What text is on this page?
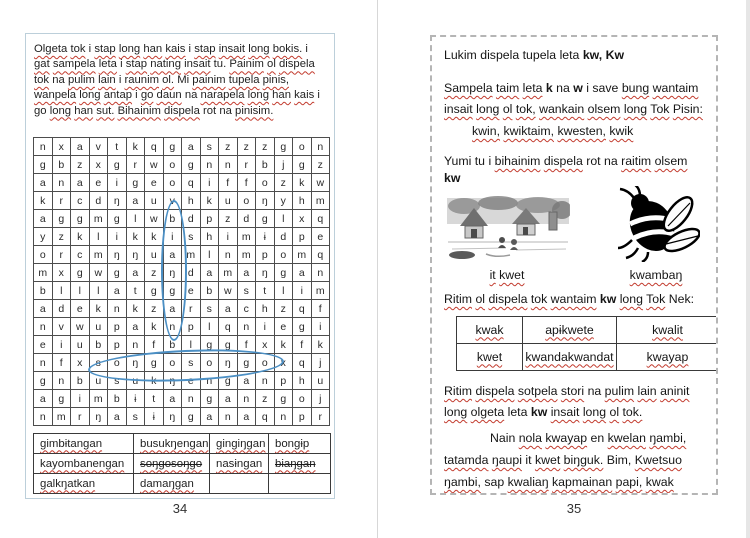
Olgeta tok i stap long han kais i stap insait long bokis. i gat sampela leta i stap nating insait tu. Painim ol dispela tok na pulim lain i raunim ol. Mi painim tupela pinis, wanpela long antap i go daun na narapela long han kais i go long han sut. Bihainim dispela rot na pinisim.

n	x	a	v	t	k	q	g	a	s	z	z	z	g	o	n
g	b	z	x	g	r	w	o	g	n	n	r	b	j	g	z
a	n	a	e	i	g	e	o	q	i	f	f	o	z	k	w
k	r	c	d	ŋ	a	u	v	h	k	u	o	ŋ	y	h	m
a	g	g	m	g	l	w	b	d	p	z	d	g	l	x	q
y	z	k	l	i	k	k	i	s	h	i	m	ɨ	d	p	e
o	r	c	m	ŋ	ŋ	u	a	m	l	n	m	p	o	m	q
m	x	g	w	g	a	z	ŋ	d	a	m	a	ŋ	g	a	n
b	l	l	l	a	t	g	g	e	b	w	s	t	l	i	m
a	d	e	k	n	k	z	a	r	s	a	c	h	z	q	f
n	v	w	u	p	a	k	n	p	l	q	n	i	e	g	i
e	i	u	b	p	n	f	b	l	g	g	f	x	k	f	k
n	f	x	s	o	ŋ	g	o	s	o	ŋ	g	o	x	q	j
g	n	b	u	s	u	k	ŋ	e	n	g	a	n	p	h	u
a	g	i	m	b	ɨ	t	a	n	g	a	n	z	g	o	j
n	m	r	ŋ	a	s	ɨ	ŋ	g	a	n	a	q	n	p	r
gimbɨtangan	busukŋengan	gingiŋgan	bongɨp
kayombanengan	soŋgosoŋgo	nasɨngan	biaŋgan
galkŋatkan	damaŋgan		
34

Lukim dispela tupela leta kw, Kw

Sampela taim leta k na w i save bung wantaim insait long ol tok, wankain olsem long Tok Pisin:

kwin, kwiktaim, kwesten, kwik

Yumi tu i bihainim dispela rot na raitim olsem kw

it kwet	kwambaŋ

Ritim ol dispela tok wantaim kw long Tok Nek:

kwak	apɨkwete	kwalit
kwet	kwandakwandat	kwayap

Ritim dispela sotpela stori na pulim lain aninit long olgeta leta kw insait long ol tok.

Nain nola kwayap en kwelan ŋambi, tatamda ŋaupi it kwet biŋguk. Bim, Kwetsuo ŋambi, sap kwaliaŋ kapmainan papi, kwak

35
